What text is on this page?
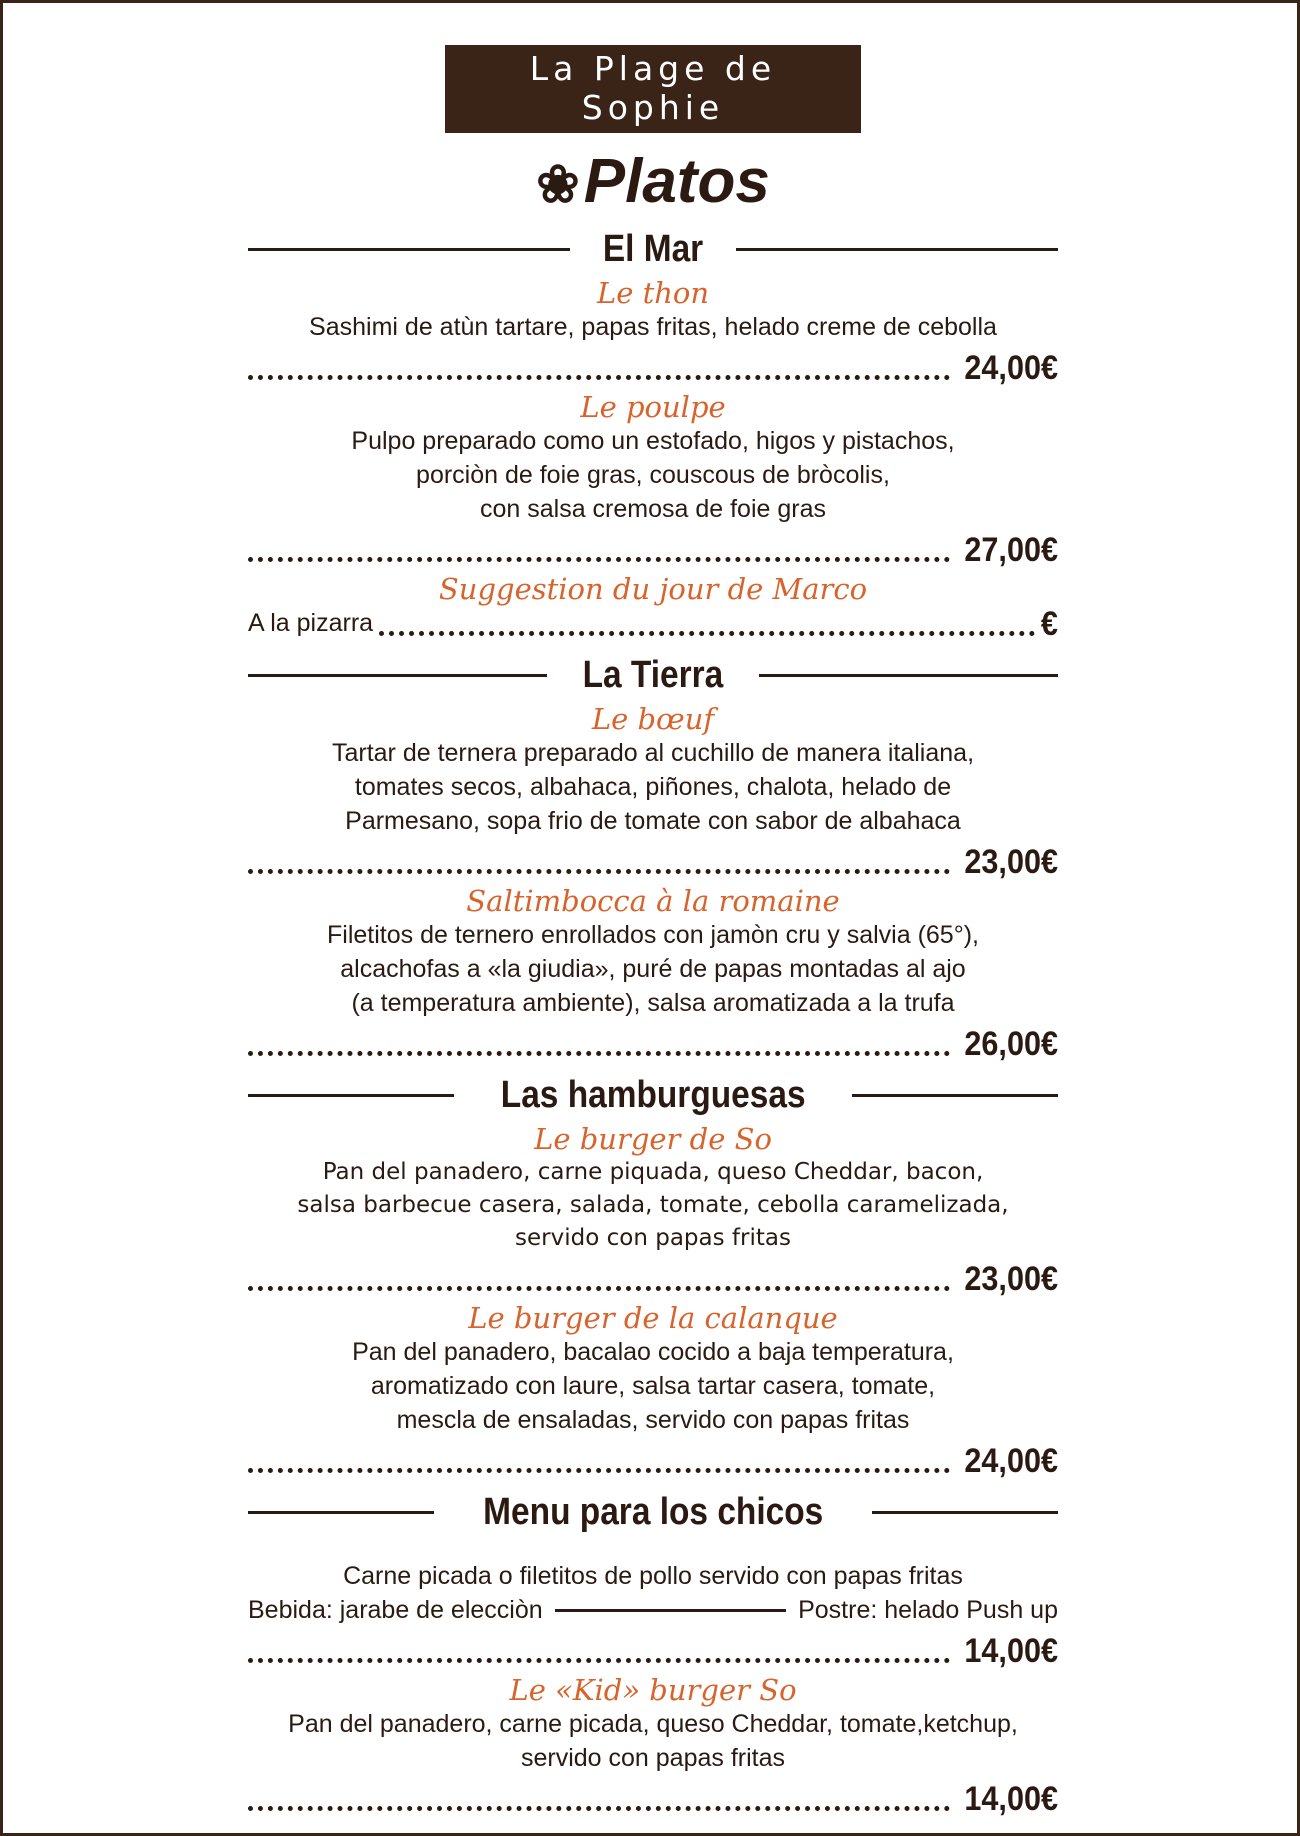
La Plage de Sophie
❀Platos
El Mar
Le thon
Sashimi de atùn tartare, papas fritas, helado creme de cebolla
24,00€
Le poulpe
Pulpo preparado como un estofado, higos y pistachos,
porciòn de foie gras, couscous de bròcolis,
con salsa cremosa de foie gras
27,00€
Suggestion du jour de Marco
A la pizarra	€
La Tierra
Le bœuf
Tartar de ternera preparado al cuchillo de manera italiana,
tomates secos, albahaca, piñones, chalota, helado de
Parmesano, sopa frio de tomate con sabor de albahaca
23,00€
Saltimbocca à la romaine
Filetitos de ternero enrollados con jamòn cru y salvia (65°),
alcachofas a «la giudia», puré de papas montadas al ajo
(a temperatura ambiente), salsa aromatizada a la trufa
26,00€
Las hamburguesas
Le burger de So
Pan del panadero, carne piquada, queso Cheddar, bacon,
salsa barbecue casera, salada, tomate, cebolla caramelizada,
servido con papas fritas
23,00€
Le burger de la calanque
Pan del panadero, bacalao cocido a baja temperatura,
aromatizado con laure, salsa tartar casera, tomate,
mescla de ensaladas, servido con papas fritas
24,00€
Menu para los chicos
Carne picada o filetitos de pollo servido con papas fritas
Bebida: jarabe de elecciòn	Postre: helado Push up
14,00€
Le «Kid» burger So
Pan del panadero, carne picada, queso Cheddar, tomate,ketchup,
servido con papas fritas
14,00€
